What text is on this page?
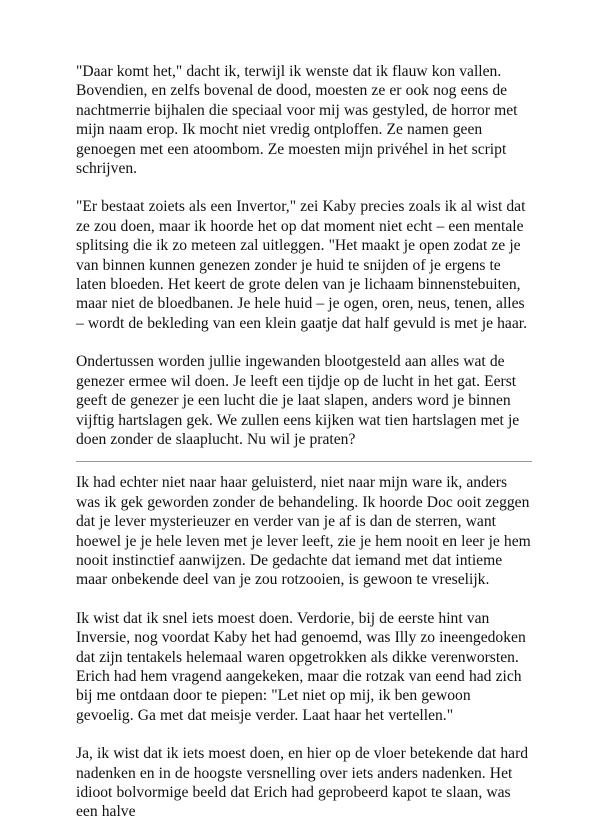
"Daar komt het," dacht ik, terwijl ik wenste dat ik flauw kon vallen. Bovendien, en zelfs bovenal de dood, moesten ze er ook nog eens de nachtmerrie bijhalen die speciaal voor mij was gestyled, de horror met mijn naam erop. Ik mocht niet vredig ontploffen. Ze namen geen genoegen met een atoombom. Ze moesten mijn privéhel in het script schrijven.

"Er bestaat zoiets als een Invertor," zei Kaby precies zoals ik al wist dat ze zou doen, maar ik hoorde het op dat moment niet echt – een mentale splitsing die ik zo meteen zal uitleggen. "Het maakt je open zodat ze je van binnen kunnen genezen zonder je huid te snijden of je ergens te laten bloeden. Het keert de grote delen van je lichaam binnenstebuiten, maar niet de bloedbanen. Je hele huid – je ogen, oren, neus, tenen, alles – wordt de bekleding van een klein gaatje dat half gevuld is met je haar.

Ondertussen worden jullie ingewanden blootgesteld aan alles wat de genezer ermee wil doen. Je leeft een tijdje op de lucht in het gat. Eerst geeft de genezer je een lucht die je laat slapen, anders word je binnen vijftig hartslagen gek. We zullen eens kijken wat tien hartslagen met je doen zonder de slaaplucht. Nu wil je praten?

Ik had echter niet naar haar geluisterd, niet naar mijn ware ik, anders was ik gek geworden zonder de behandeling. Ik hoorde Doc ooit zeggen dat je lever mysterieuzer en verder van je af is dan de sterren, want hoewel je je hele leven met je lever leeft, zie je hem nooit en leer je hem nooit instinctief aanwijzen. De gedachte dat iemand met dat intieme maar onbekende deel van je zou rotzooien, is gewoon te vreselijk.

Ik wist dat ik snel iets moest doen. Verdorie, bij de eerste hint van Inversie, nog voordat Kaby het had genoemd, was Illy zo ineengedoken dat zijn tentakels helemaal waren opgetrokken als dikke verenworsten. Erich had hem vragend aangekeken, maar die rotzak van eend had zich bij me ontdaan door te piepen: "Let niet op mij, ik ben gewoon gevoelig. Ga met dat meisje verder. Laat haar het vertellen."

Ja, ik wist dat ik iets moest doen, en hier op de vloer betekende dat hard nadenken en in de hoogste versnelling over iets anders nadenken. Het idioot bolvormige beeld dat Erich had geprobeerd kapot te slaan, was een halve
